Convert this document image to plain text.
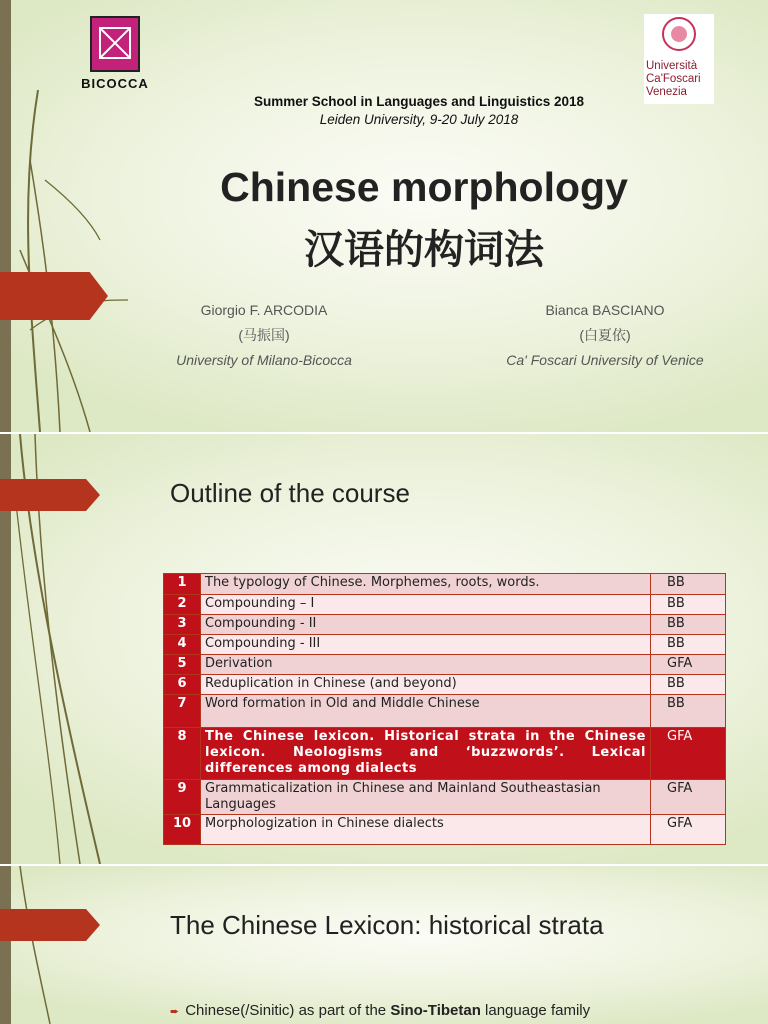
BICOCCA
Università
Ca'Foscari
Venezia
Summer School in Languages and Linguistics 2018
Leiden University, 9-20 July 2018
Chinese morphology
汉语的构词法
Giorgio F. ARCODIA
(马振国)
University of Milano-Bicocca
Bianca BASCIANO
(白夏依)
Ca' Foscari University of Venice
Outline of the course
1	The typology of Chinese. Morphemes, roots, words.	BB
2	Compounding – I	BB
3	Compounding - II	BB
4	Compounding - III	BB
5	Derivation	GFA
6	Reduplication in Chinese (and beyond)	BB
7	Word formation in Old and Middle Chinese	BB
8	The Chinese lexicon. Historical strata in the Chinese lexicon. Neologisms and ‘buzzwords’. Lexical differences among dialects	GFA
9	Grammaticalization in Chinese and Mainland Southeastasian Languages	GFA
10	Morphologization in Chinese dialects	GFA
The Chinese Lexicon: historical strata
➨ Chinese(/Sinitic) as part of the Sino-Tibetan language family
